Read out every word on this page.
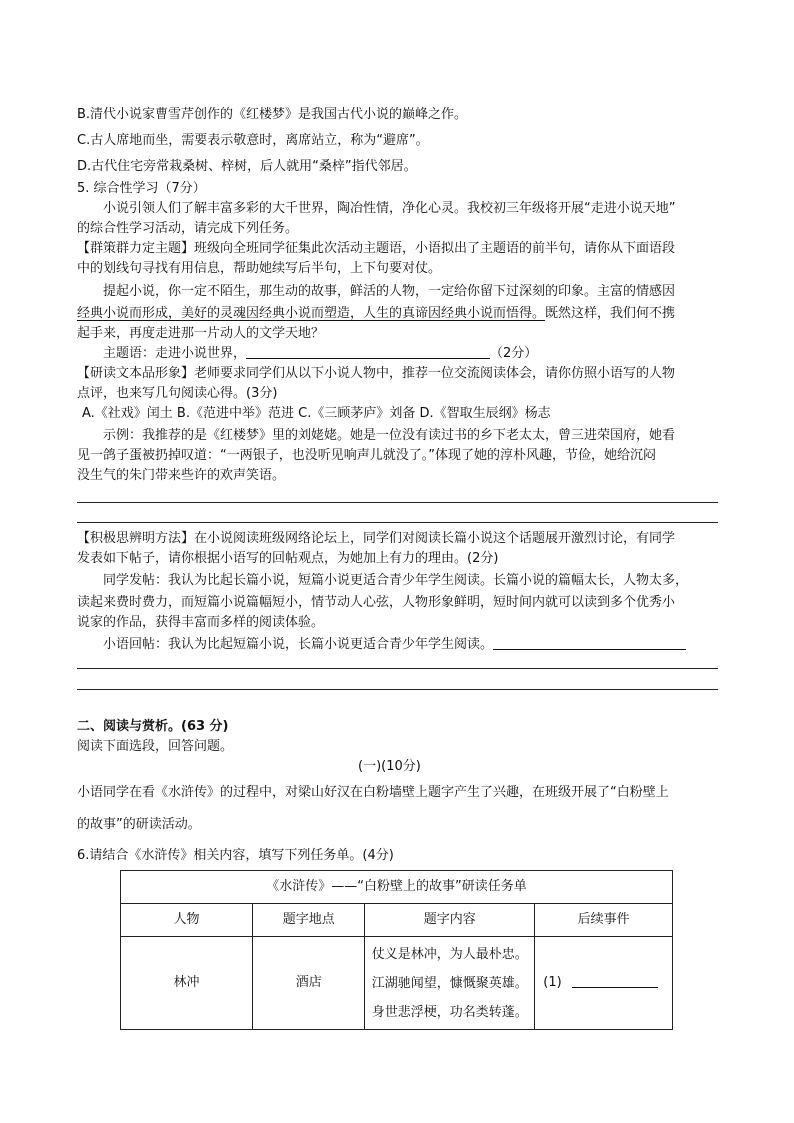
B.清代小说家曹雪芹创作的《红楼梦》是我国古代小说的巅峰之作。
C.古人席地而坐，需要表示敬意时，离席站立，称为“避席”。
D.古代住宅旁常栽桑树、梓树，后人就用“桑梓”指代邻居。
5. 综合性学习（7分）
小说引领人们了解丰富多彩的大千世界，陶冶性情，净化心灵。我校初三年级将开展“走进小说天地”
的综合性学习活动，请完成下列任务。
【群策群力定主题】班级向全班同学征集此次活动主题语，小语拟出了主题语的前半句，请你从下面语段
中的划线句寻找有用信息，帮助她续写后半句，上下句要对仗。
提起小说，你一定不陌生，那生动的故事，鲜活的人物，一定给你留下过深刻的印象。主富的情感因
经典小说而形成，美好的灵魂因经典小说而塑造，人生的真谛因经典小说而悟得。既然这样，我们何不携
起手来，再度走进那一片动人的文学天地？
主题语：走进小说世界，	（2分）
【研读文本品形象】老师要求同学们从以下小说人物中，推荐一位交流阅读体会，请你仿照小语写的人物
点评，也来写几句阅读心得。(3分)
A.《社戏》闰土 B.《范进中举》范进 C.《三顾茅庐》刘备 D.《智取生辰纲》杨志
示例：我推荐的是《红楼梦》里的刘姥姥。她是一位没有读过书的乡下老太太，曾三进荣国府，她看
见一鸽子蛋被扔掉叹道：“一两银子，也没听见响声儿就没了。”体现了她的淳朴风趣，节俭，她给沉闷
没生气的朱门带来些许的欢声笑语。
【积极思辨明方法】在小说阅读班级网络论坛上，同学们对阅读长篇小说这个话题展开激烈讨论，有同学
发表如下帖子，请你根据小语写的回帖观点，为她加上有力的理由。(2分)
同学发帖：我认为比起长篇小说，短篇小说更适合青少年学生阅读。长篇小说的篇幅太长，人物太多，
读起来费时费力，而短篇小说篇幅短小，情节动人心弦，人物形象鲜明，短时间内就可以读到多个优秀小
说家的作品，获得丰富而多样的阅读体验。
小语回帖：我认为比起短篇小说，长篇小说更适合青少年学生阅读。
二、阅读与赏析。(63 分)
阅读下面选段，回答问题。
(一)(10分)
小语同学在看《水浒传》的过程中，对梁山好汉在白粉墙壁上题字产生了兴趣，在班级开展了“白粉壁上
的故事”的研读活动。
6.请结合《水浒传》相关内容，填写下列任务单。(4分)
《水浒传》——“白粉壁上的故事”研读任务单			
人物	题字地点	题字内容	后续事件
林冲	酒店	仗义是林冲，为人最朴忠。
江湖驰闻望，慷慨聚英雄。
身世悲浮梗，功名类转蓬。	(1)
